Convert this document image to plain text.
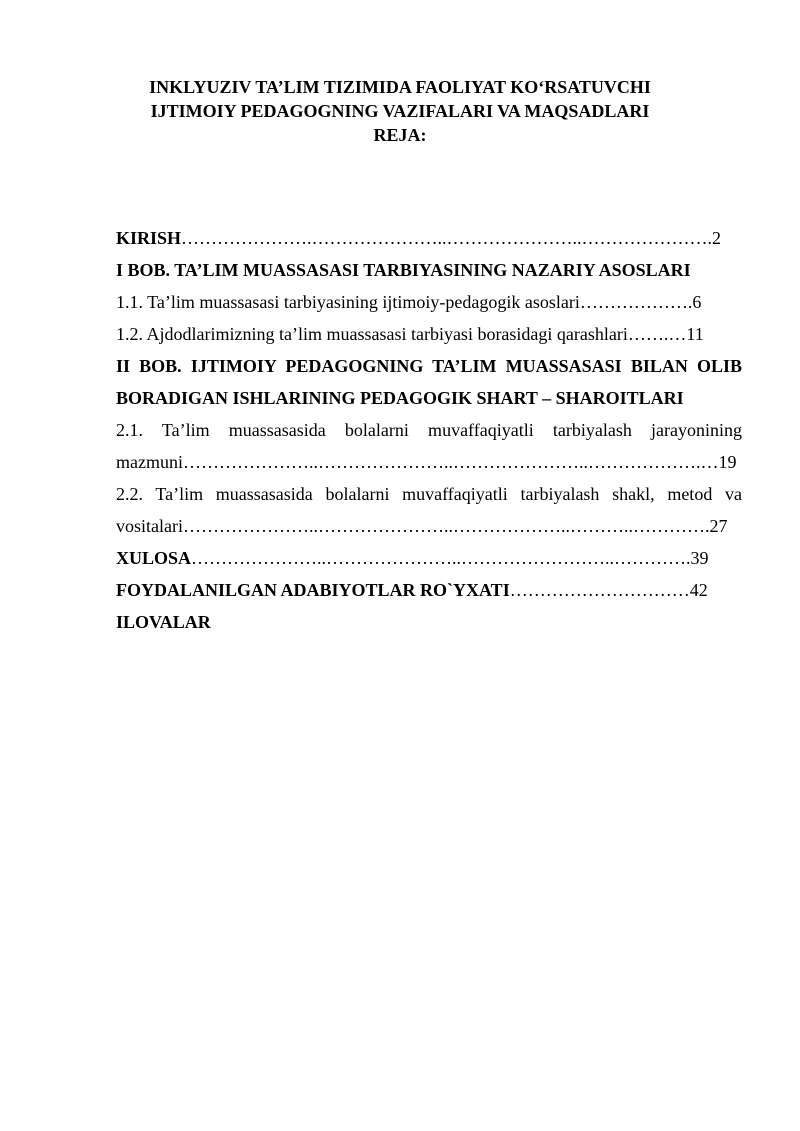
INKLYUZIV TA’LIM TIZIMIDA FAOLIYAT KO‘RSATUVCHI
IJTIMOIY PEDAGOGNING VAZIFALARI VA MAQSADLARI
REJA:
KIRISH………………….…………………..…………………..………………….2
I BOB. TA’LIM MUASSASASI TARBIYASINING NAZARIY ASOSLARI
1.1. Ta’lim muassasasi tarbiyasining ijtimoiy-pedagogik asoslari……………….6
1.2. Ajdodlarimizning ta’lim muassasasi tarbiyasi borasidagi qarashlari…….…11
II BOB. IJTIMOIY PEDAGOGNING TA’LIM MUASSASASI BILAN OLIB
BORADIGAN ISHLARINING PEDAGOGIK SHART – SHAROITLARI
2.1. Ta’lim muassasasida bolalarni muvaffaqiyatli tarbiyalash jarayonining
mazmuni…………………..…………………..…………………..……………….…19
2.2. Ta’lim muassasasida bolalarni muvaffaqiyatli tarbiyalash shakl, metod va
vositalari…………………..…………………..………………..………..………….27
XULOSA…………………..…………………..……………………..………….39
FOYDALANILGAN ADABIYOTLAR RO`YXATI…………………………42
ILOVALAR
